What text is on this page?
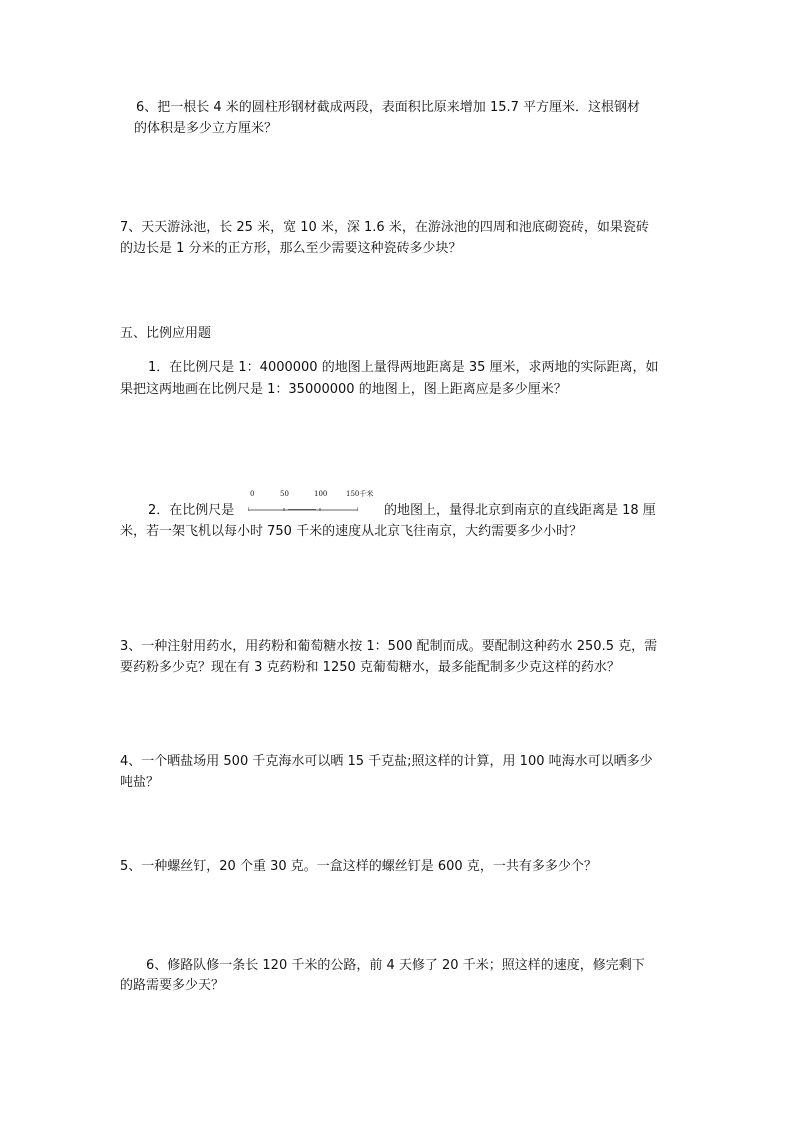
6、把一根长 4 米的圆柱形钢材截成两段，表面积比原来增加 15.7 平方厘米．这根钢材
的体积是多少立方厘米？
7、天天游泳池，长 25 米，宽 10 米，深 1.6 米，在游泳池的四周和池底砌瓷砖，如果瓷砖
的边长是 1 分米的正方形，那么至少需要这种瓷砖多少块？
五、比例应用题
1．在比例尺是 1：4000000 的地图上量得两地距离是 35 厘米，求两地的实际距离，如
果把这两地画在比例尺是 1：35000000 的地图上，图上距离应是多少厘米？
2．在比例尺是
0	50	100	150千米
的地图上，量得北京到南京的直线距离是 18 厘
米，若一架飞机以每小时 750 千米的速度从北京飞往南京，大约需要多少小时？
3、一种注射用药水，用药粉和葡萄糖水按 1：500 配制而成。要配制这种药水 250.5 克，需
要药粉多少克？现在有 3 克药粉和 1250 克葡萄糖水，最多能配制多少克这样的药水？
4、一个晒盐场用 500 千克海水可以晒 15 千克盐;照这样的计算，用 100 吨海水可以晒多少
吨盐？
5、一种螺丝钉，20 个重 30 克。一盒这样的螺丝钉是 600 克，一共有多多少个？
6、修路队修一条长 120 千米的公路，前 4 天修了 20 千米；照这样的速度，修完剩下
的路需要多少天？
